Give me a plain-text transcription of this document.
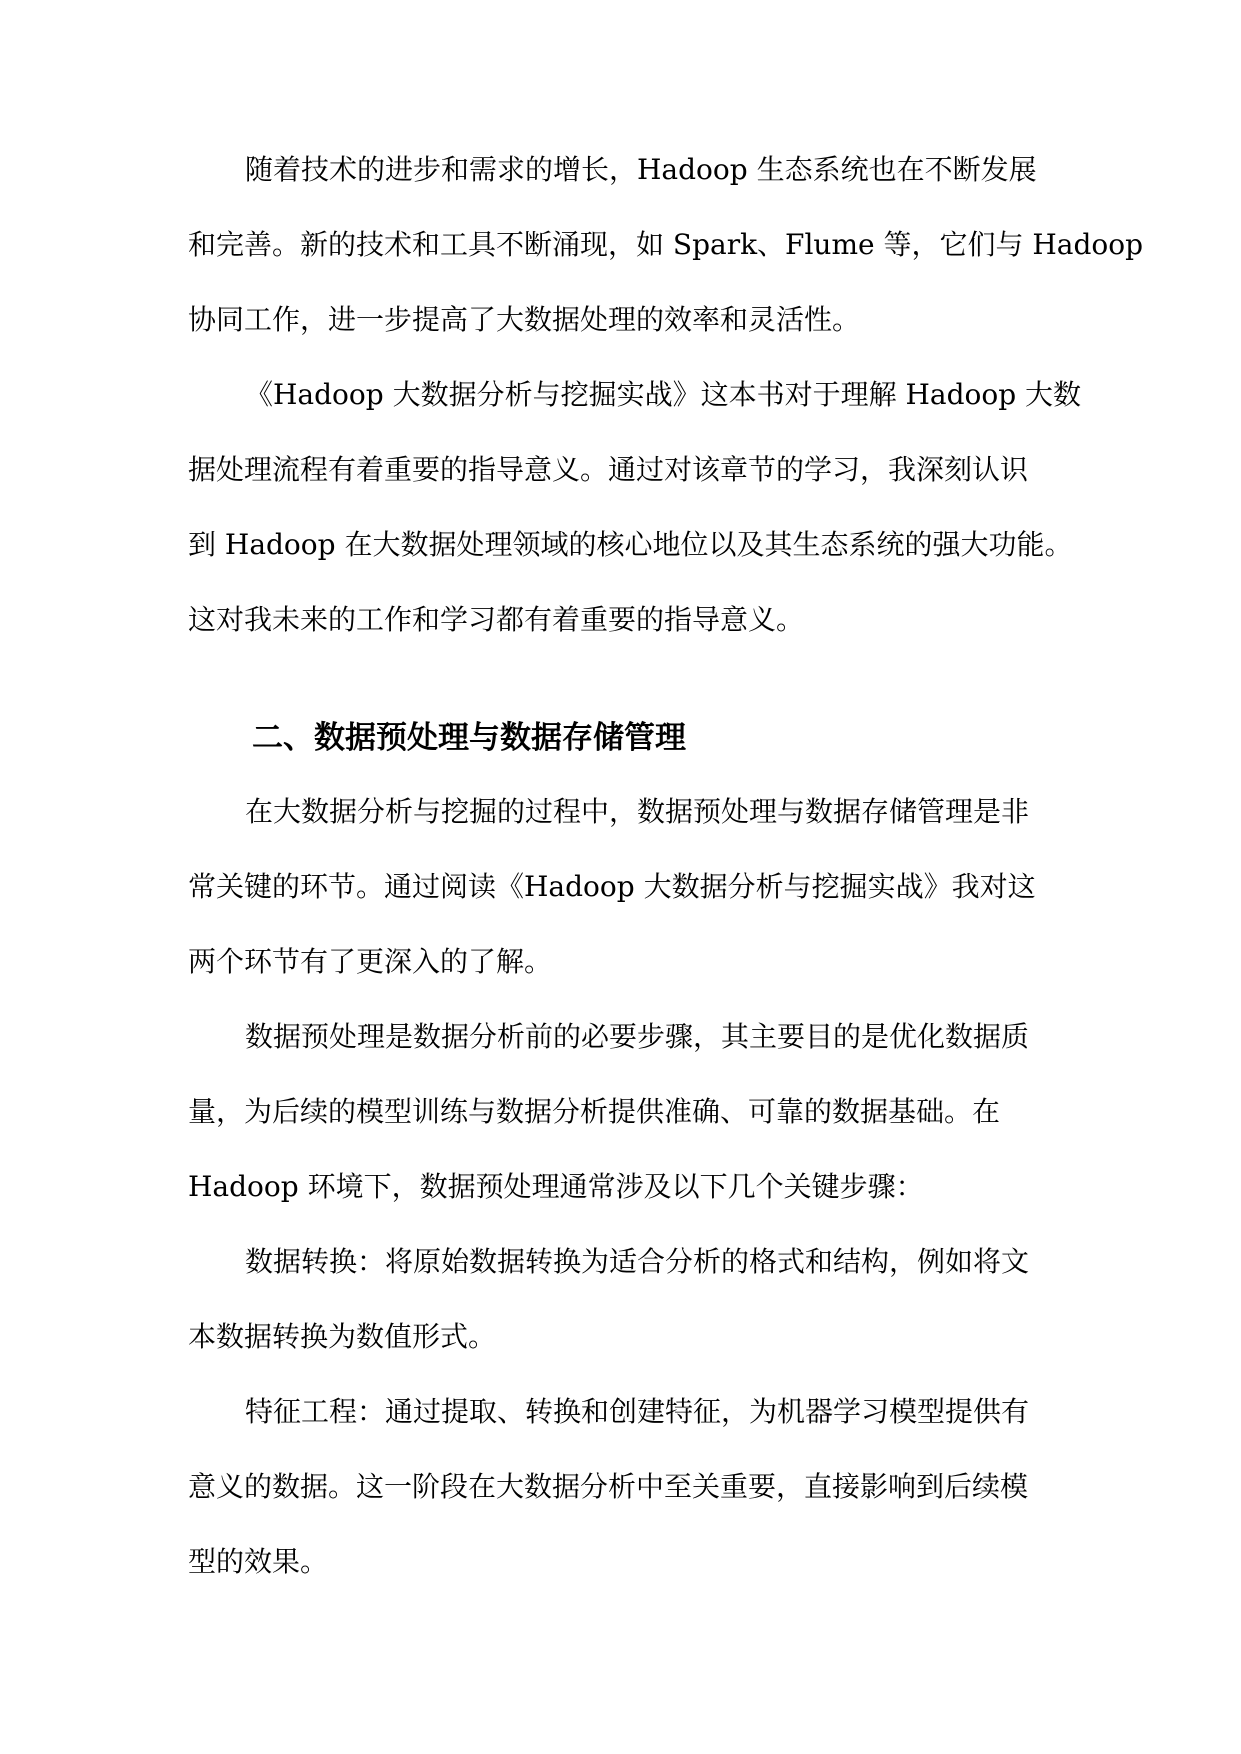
随着技术的进步和需求的增长，Hadoop 生态系统也在不断发展
和完善。新的技术和工具不断涌现，如 Spark、Flume 等，它们与 Hadoop
协同工作，进一步提高了大数据处理的效率和灵活性。
《Hadoop 大数据分析与挖掘实战》这本书对于理解 Hadoop 大数
据处理流程有着重要的指导意义。通过对该章节的学习，我深刻认识
到 Hadoop 在大数据处理领域的核心地位以及其生态系统的强大功能。
这对我未来的工作和学习都有着重要的指导意义。
二、数据预处理与数据存储管理
在大数据分析与挖掘的过程中，数据预处理与数据存储管理是非
常关键的环节。通过阅读《Hadoop 大数据分析与挖掘实战》我对这
两个环节有了更深入的了解。
数据预处理是数据分析前的必要步骤，其主要目的是优化数据质
量，为后续的模型训练与数据分析提供准确、可靠的数据基础。在
Hadoop 环境下，数据预处理通常涉及以下几个关键步骤：
数据转换：将原始数据转换为适合分析的格式和结构，例如将文
本数据转换为数值形式。
特征工程：通过提取、转换和创建特征，为机器学习模型提供有
意义的数据。这一阶段在大数据分析中至关重要，直接影响到后续模
型的效果。
